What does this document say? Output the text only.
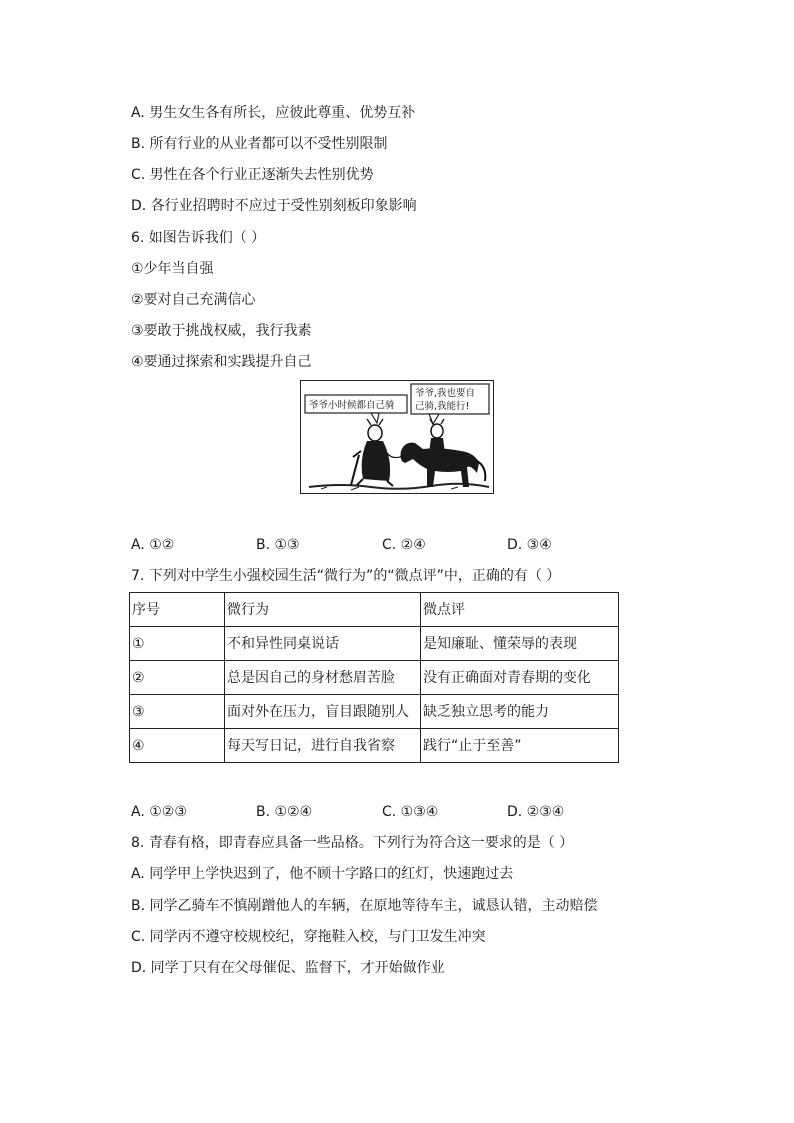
A. 男生女生各有所长，应彼此尊重、优势互补
B. 所有行业的从业者都可以不受性别限制
C. 男性在各个行业正逐渐失去性别优势
D. 各行业招聘时不应过于受性别刻板印象影响
6. 如图告诉我们（ ）
①少年当自强
②要对自己充满信心
③要敢于挑战权威，我行我素
④要通过探索和实践提升自己
爷爷小时候都自己骑
爷爷,我也要自
己骑,我能行!
A. ①②	B. ①③	C. ②④	D. ③④
7. 下列对中学生小强校园生活“微行为”的“微点评”中，正确的有（ ）
序号	微行为	微点评
①	不和异性同桌说话	是知廉耻、懂荣辱的表现
②	总是因自己的身材愁眉苦脸	没有正确面对青春期的变化
③	面对外在压力，盲目跟随别人	缺乏独立思考的能力
④	每天写日记，进行自我省察	践行“止于至善”
A. ①②③	B. ①②④	C. ①③④	D. ②③④
8. 青春有格，即青春应具备一些品格。下列行为符合这一要求的是（ ）
A. 同学甲上学快迟到了，他不顾十字路口的红灯，快速跑过去
B. 同学乙骑车不慎剐蹭他人的车辆，在原地等待车主，诚恳认错，主动赔偿
C. 同学丙不遵守校规校纪，穿拖鞋入校，与门卫发生冲突
D. 同学丁只有在父母催促、监督下，才开始做作业
